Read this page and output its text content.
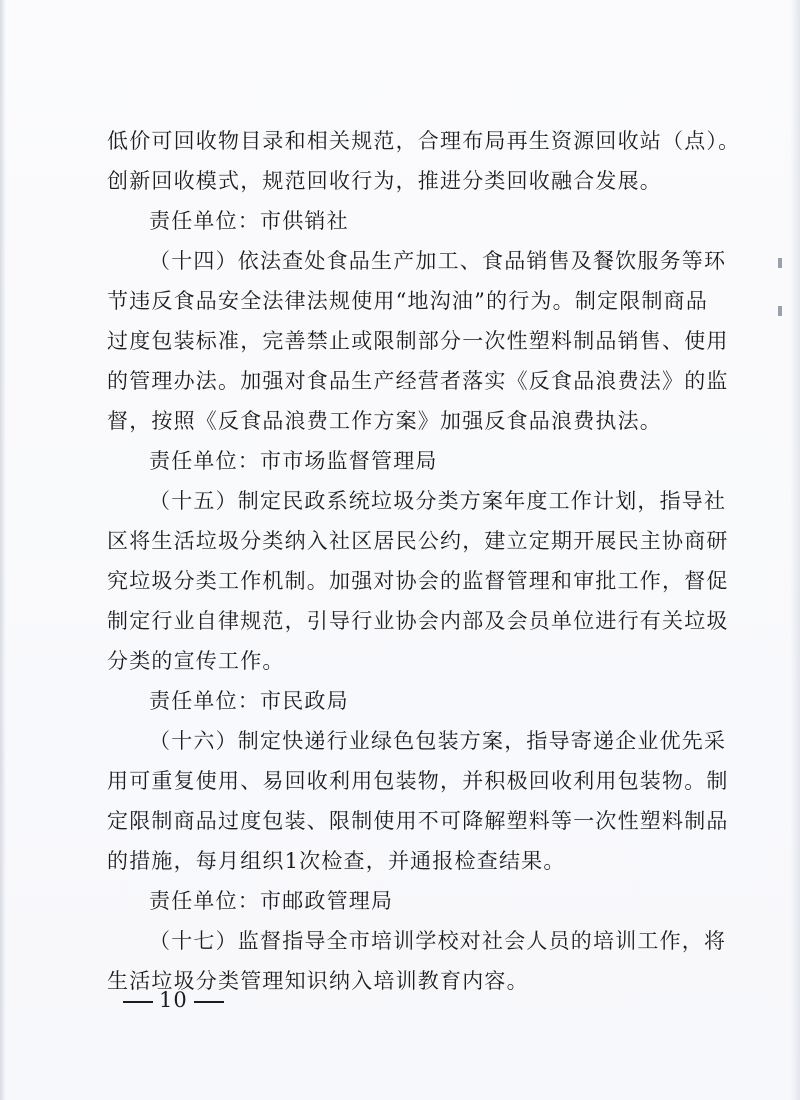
低价可回收物目录和相关规范，合理布局再生资源回收站（点）。
创新回收模式，规范回收行为，推进分类回收融合发展。
责任单位：市供销社
（十四）依法查处食品生产加工、食品销售及餐饮服务等环
节违反食品安全法律法规使用“地沟油”的行为。制定限制商品
过度包装标准，完善禁止或限制部分一次性塑料制品销售、使用
的管理办法。加强对食品生产经营者落实《反食品浪费法》的监
督，按照《反食品浪费工作方案》加强反食品浪费执法。
责任单位：市市场监督管理局
（十五）制定民政系统垃圾分类方案年度工作计划，指导社
区将生活垃圾分类纳入社区居民公约，建立定期开展民主协商研
究垃圾分类工作机制。加强对协会的监督管理和审批工作，督促
制定行业自律规范，引导行业协会内部及会员单位进行有关垃圾
分类的宣传工作。
责任单位：市民政局
（十六）制定快递行业绿色包装方案，指导寄递企业优先采
用可重复使用、易回收利用包装物，并积极回收利用包装物。制
定限制商品过度包装、限制使用不可降解塑料等一次性塑料制品
的措施，每月组织1次检查，并通报检查结果。
责任单位：市邮政管理局
（十七）监督指导全市培训学校对社会人员的培训工作，将
生活垃圾分类管理知识纳入培训教育内容。
10
